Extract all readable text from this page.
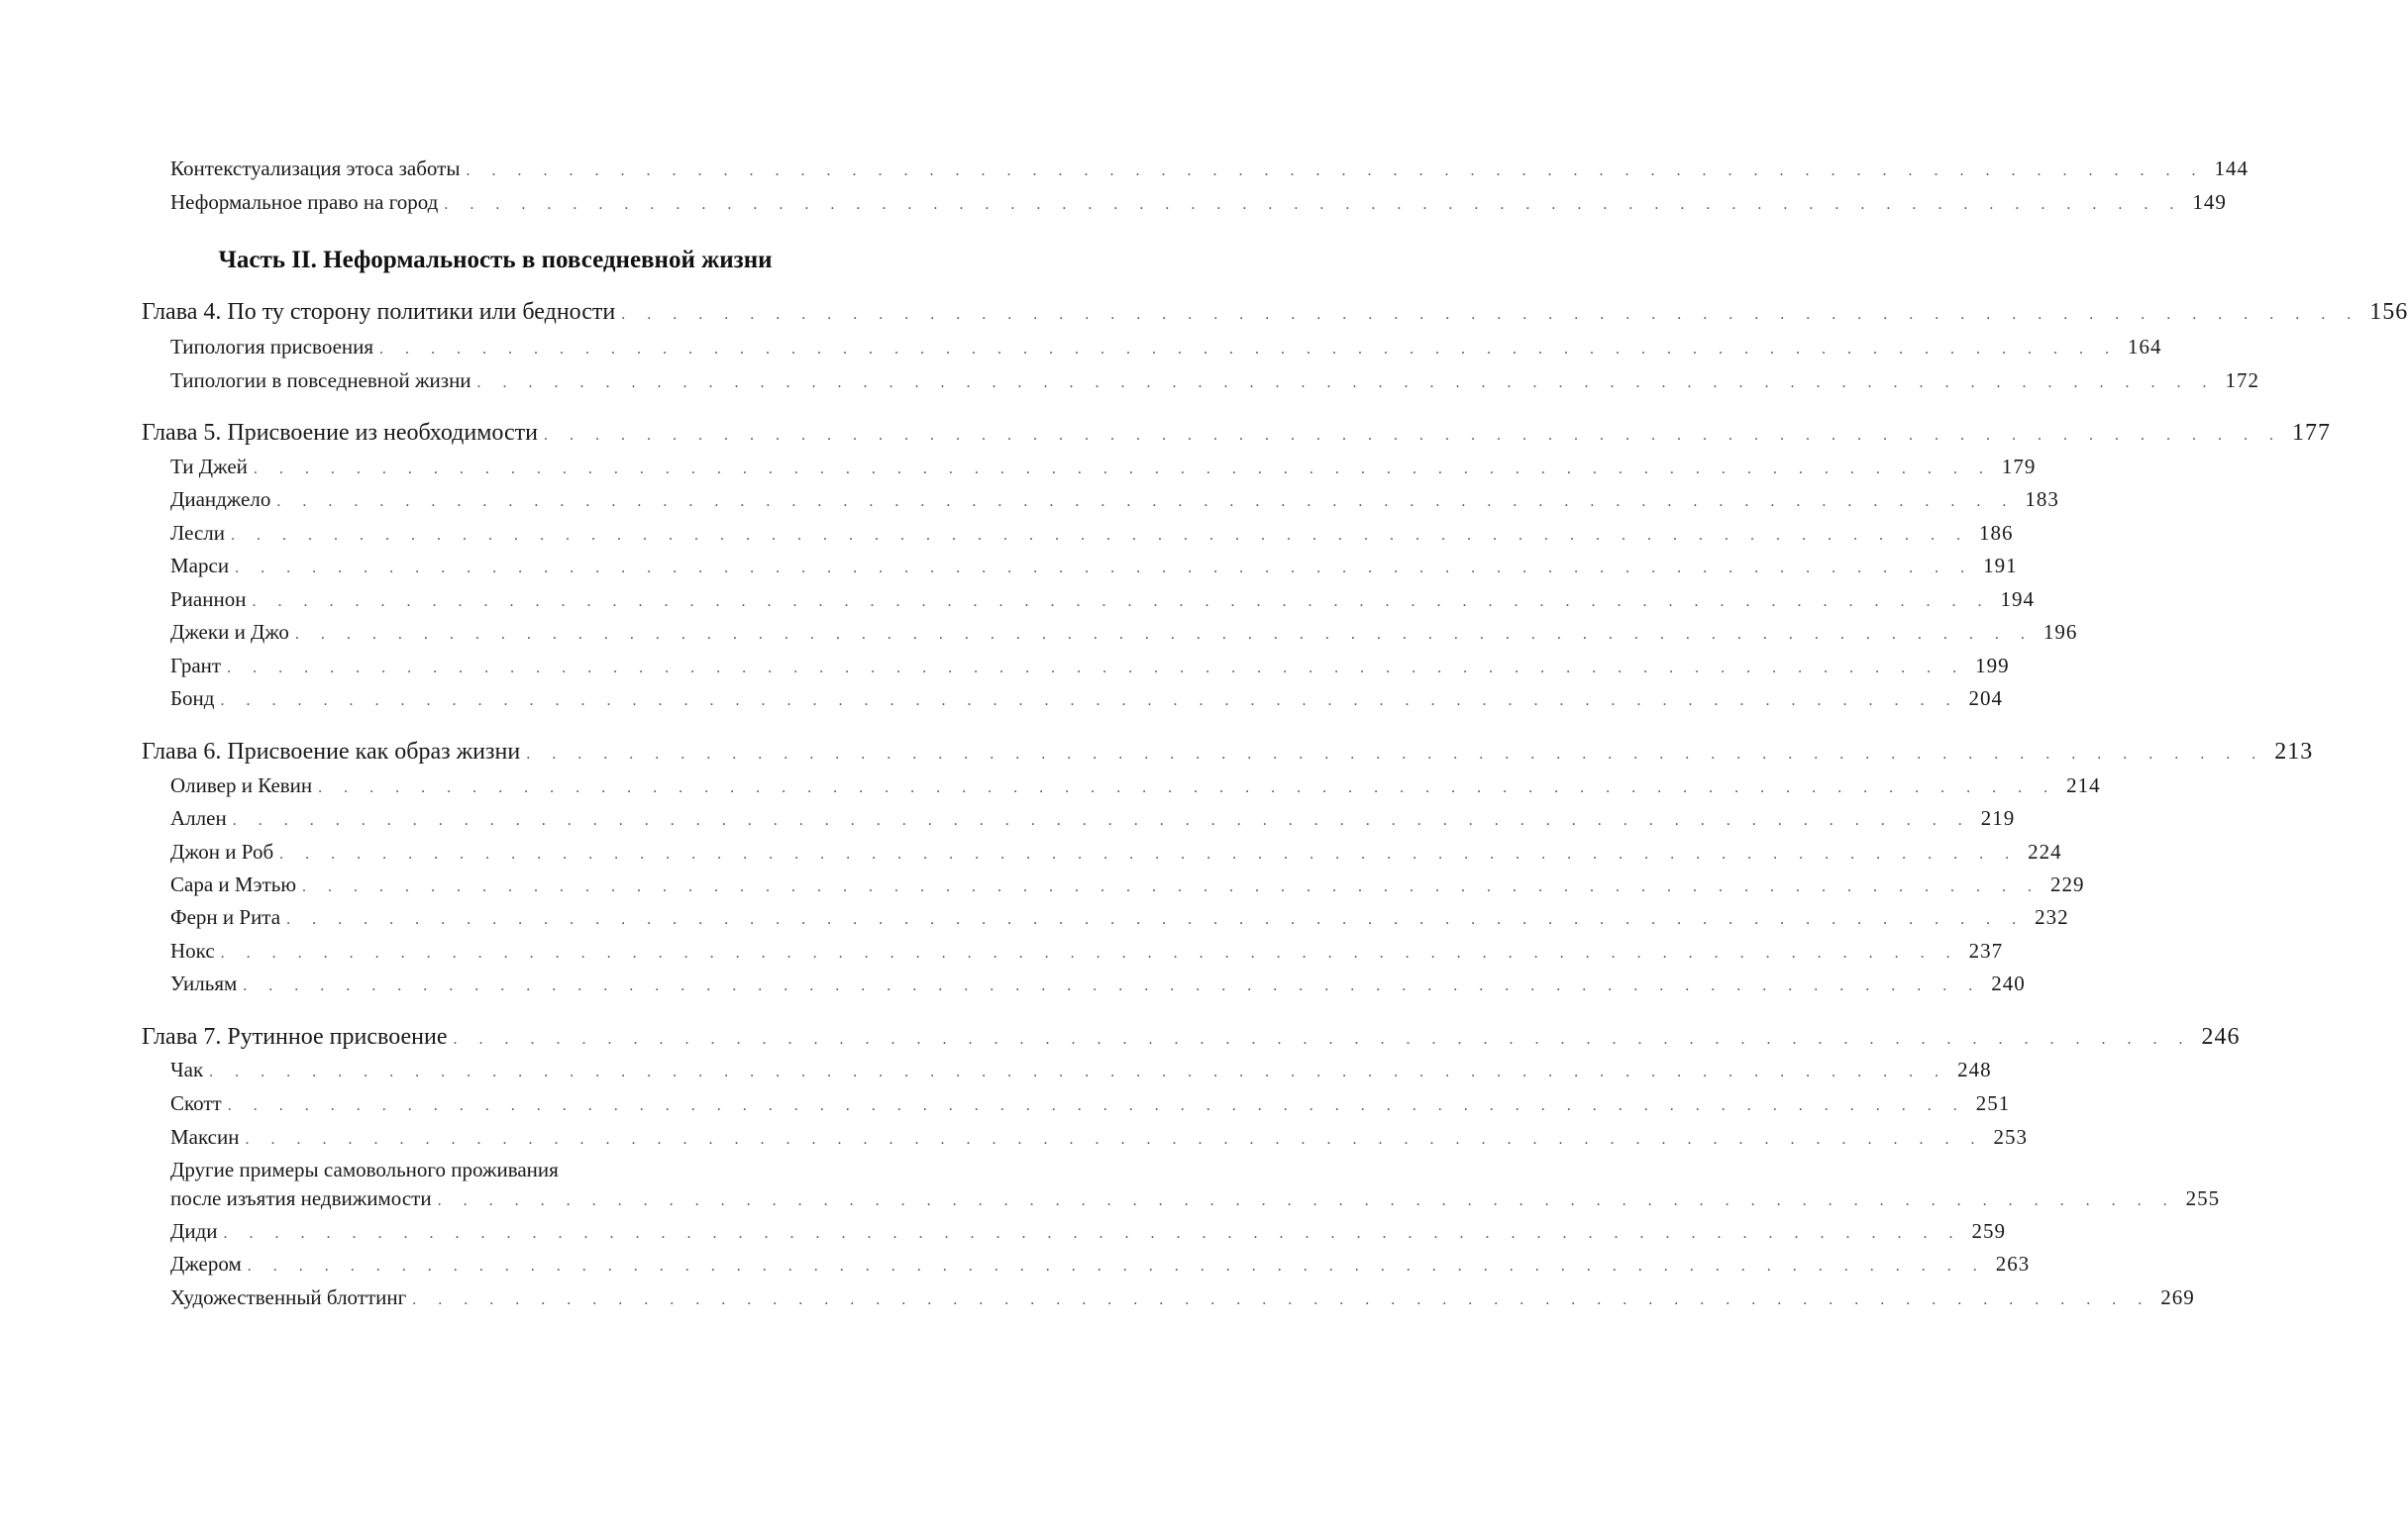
Контекстуализация этоса заботы . . . . . . . . . . . . . . . . . . . . . . . . . . . . . . . . . . . . . . . . . . . . . . . . . . . . . . . . . . . . . . . . . . . . 144
Неформальное право на город . . . . . . . . . . . . . . . . . . . . . . . . . . . . . . . . . . . . . . . . . . . . . . . . . . . . . . . . . . . . . . . . . . . . 149
Часть II. Неформальность в повседневной жизни
Глава 4. По ту сторону политики или бедности . . . . . . . . . . . . . . . . . . . . . . . . . . . . . . . . . . . . . . . . . . . . . . . . . . . . . . . . . . . . . . . . . . . . 156
Типология присвоения . . . . . . . . . . . . . . . . . . . . . . . . . . . . . . . . . . . . . . . . . . . . . . . . . . . . . . . . . . . . . . . . . . . . 164
Типологии в повседневной жизни . . . . . . . . . . . . . . . . . . . . . . . . . . . . . . . . . . . . . . . . . . . . . . . . . . . . . . . . . . . . . . . . . . . . 172
Глава 5. Присвоение из необходимости . . . . . . . . . . . . . . . . . . . . . . . . . . . . . . . . . . . . . . . . . . . . . . . . . . . . . . . . . . . . . . . . . . . . 177
Ти Джей . . . . . . . . . . . . . . . . . . . . . . . . . . . . . . . . . . . . . . . . . . . . . . . . . . . . . . . . . . . . . . . . . . . . 179
Дианджело . . . . . . . . . . . . . . . . . . . . . . . . . . . . . . . . . . . . . . . . . . . . . . . . . . . . . . . . . . . . . . . . . . . . 183
Лесли . . . . . . . . . . . . . . . . . . . . . . . . . . . . . . . . . . . . . . . . . . . . . . . . . . . . . . . . . . . . . . . . . . . . 186
Марси . . . . . . . . . . . . . . . . . . . . . . . . . . . . . . . . . . . . . . . . . . . . . . . . . . . . . . . . . . . . . . . . . . . . 191
Рианнон . . . . . . . . . . . . . . . . . . . . . . . . . . . . . . . . . . . . . . . . . . . . . . . . . . . . . . . . . . . . . . . . . . . . 194
Джеки и Джо . . . . . . . . . . . . . . . . . . . . . . . . . . . . . . . . . . . . . . . . . . . . . . . . . . . . . . . . . . . . . . . . . . . . 196
Грант . . . . . . . . . . . . . . . . . . . . . . . . . . . . . . . . . . . . . . . . . . . . . . . . . . . . . . . . . . . . . . . . . . . . 199
Бонд . . . . . . . . . . . . . . . . . . . . . . . . . . . . . . . . . . . . . . . . . . . . . . . . . . . . . . . . . . . . . . . . . . . . 204
Глава 6. Присвоение как образ жизни . . . . . . . . . . . . . . . . . . . . . . . . . . . . . . . . . . . . . . . . . . . . . . . . . . . . . . . . . . . . . . . . . . . . 213
Оливер и Кевин . . . . . . . . . . . . . . . . . . . . . . . . . . . . . . . . . . . . . . . . . . . . . . . . . . . . . . . . . . . . . . . . . . . . 214
Аллен . . . . . . . . . . . . . . . . . . . . . . . . . . . . . . . . . . . . . . . . . . . . . . . . . . . . . . . . . . . . . . . . . . . . 219
Джон и Роб . . . . . . . . . . . . . . . . . . . . . . . . . . . . . . . . . . . . . . . . . . . . . . . . . . . . . . . . . . . . . . . . . . . . 224
Сара и Мэтью . . . . . . . . . . . . . . . . . . . . . . . . . . . . . . . . . . . . . . . . . . . . . . . . . . . . . . . . . . . . . . . . . . . . 229
Ферн и Рита . . . . . . . . . . . . . . . . . . . . . . . . . . . . . . . . . . . . . . . . . . . . . . . . . . . . . . . . . . . . . . . . . . . . 232
Нокс . . . . . . . . . . . . . . . . . . . . . . . . . . . . . . . . . . . . . . . . . . . . . . . . . . . . . . . . . . . . . . . . . . . . 237
Уильям . . . . . . . . . . . . . . . . . . . . . . . . . . . . . . . . . . . . . . . . . . . . . . . . . . . . . . . . . . . . . . . . . . . . 240
Глава 7. Рутинное присвоение . . . . . . . . . . . . . . . . . . . . . . . . . . . . . . . . . . . . . . . . . . . . . . . . . . . . . . . . . . . . . . . . . . . . 246
Чак . . . . . . . . . . . . . . . . . . . . . . . . . . . . . . . . . . . . . . . . . . . . . . . . . . . . . . . . . . . . . . . . . . . . 248
Скотт . . . . . . . . . . . . . . . . . . . . . . . . . . . . . . . . . . . . . . . . . . . . . . . . . . . . . . . . . . . . . . . . . . . . 251
Максин . . . . . . . . . . . . . . . . . . . . . . . . . . . . . . . . . . . . . . . . . . . . . . . . . . . . . . . . . . . . . . . . . . . . 253
Другие примеры самовольного проживания
после изъятия недвижимости . . . . . . . . . . . . . . . . . . . . . . . . . . . . . . . . . . . . . . . . . . . . . . . . . . . . . . . . . . . . . . . . . . . . 255
Диди . . . . . . . . . . . . . . . . . . . . . . . . . . . . . . . . . . . . . . . . . . . . . . . . . . . . . . . . . . . . . . . . . . . . 259
Джером . . . . . . . . . . . . . . . . . . . . . . . . . . . . . . . . . . . . . . . . . . . . . . . . . . . . . . . . . . . . . . . . . . . . 263
Художественный блоттинг . . . . . . . . . . . . . . . . . . . . . . . . . . . . . . . . . . . . . . . . . . . . . . . . . . . . . . . . . . . . . . . . . . . . 269
